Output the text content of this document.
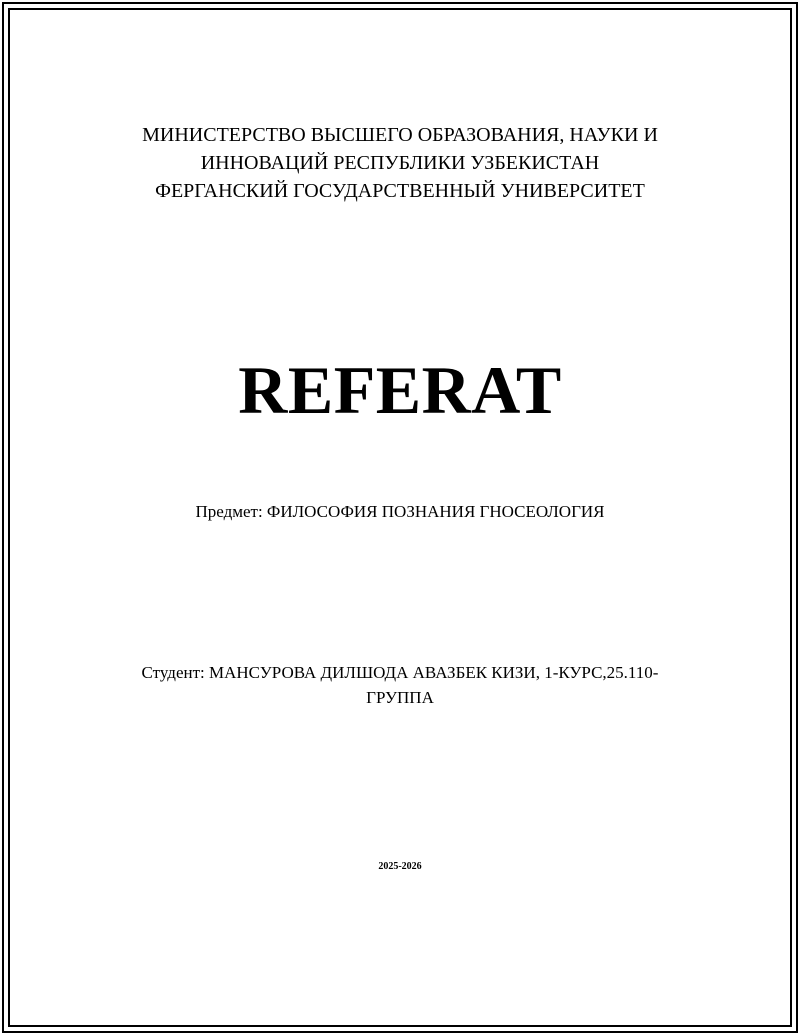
МИНИСТЕРСТВО ВЫСШЕГО ОБРАЗОВАНИЯ, НАУКИ И
ИННОВАЦИЙ РЕСПУБЛИКИ УЗБЕКИСТАН
ФЕРГАНСКИЙ ГОСУДАРСТВЕННЫЙ УНИВЕРСИТЕТ
REFERAT
Предмет: ФИЛОСОФИЯ ПОЗНАНИЯ ГНОСЕОЛОГИЯ
Студент: МАНСУРОВА ДИЛШОДА АВАЗБЕК КИЗИ, 1-КУРС,25.110-
ГРУППА
2025-2026
